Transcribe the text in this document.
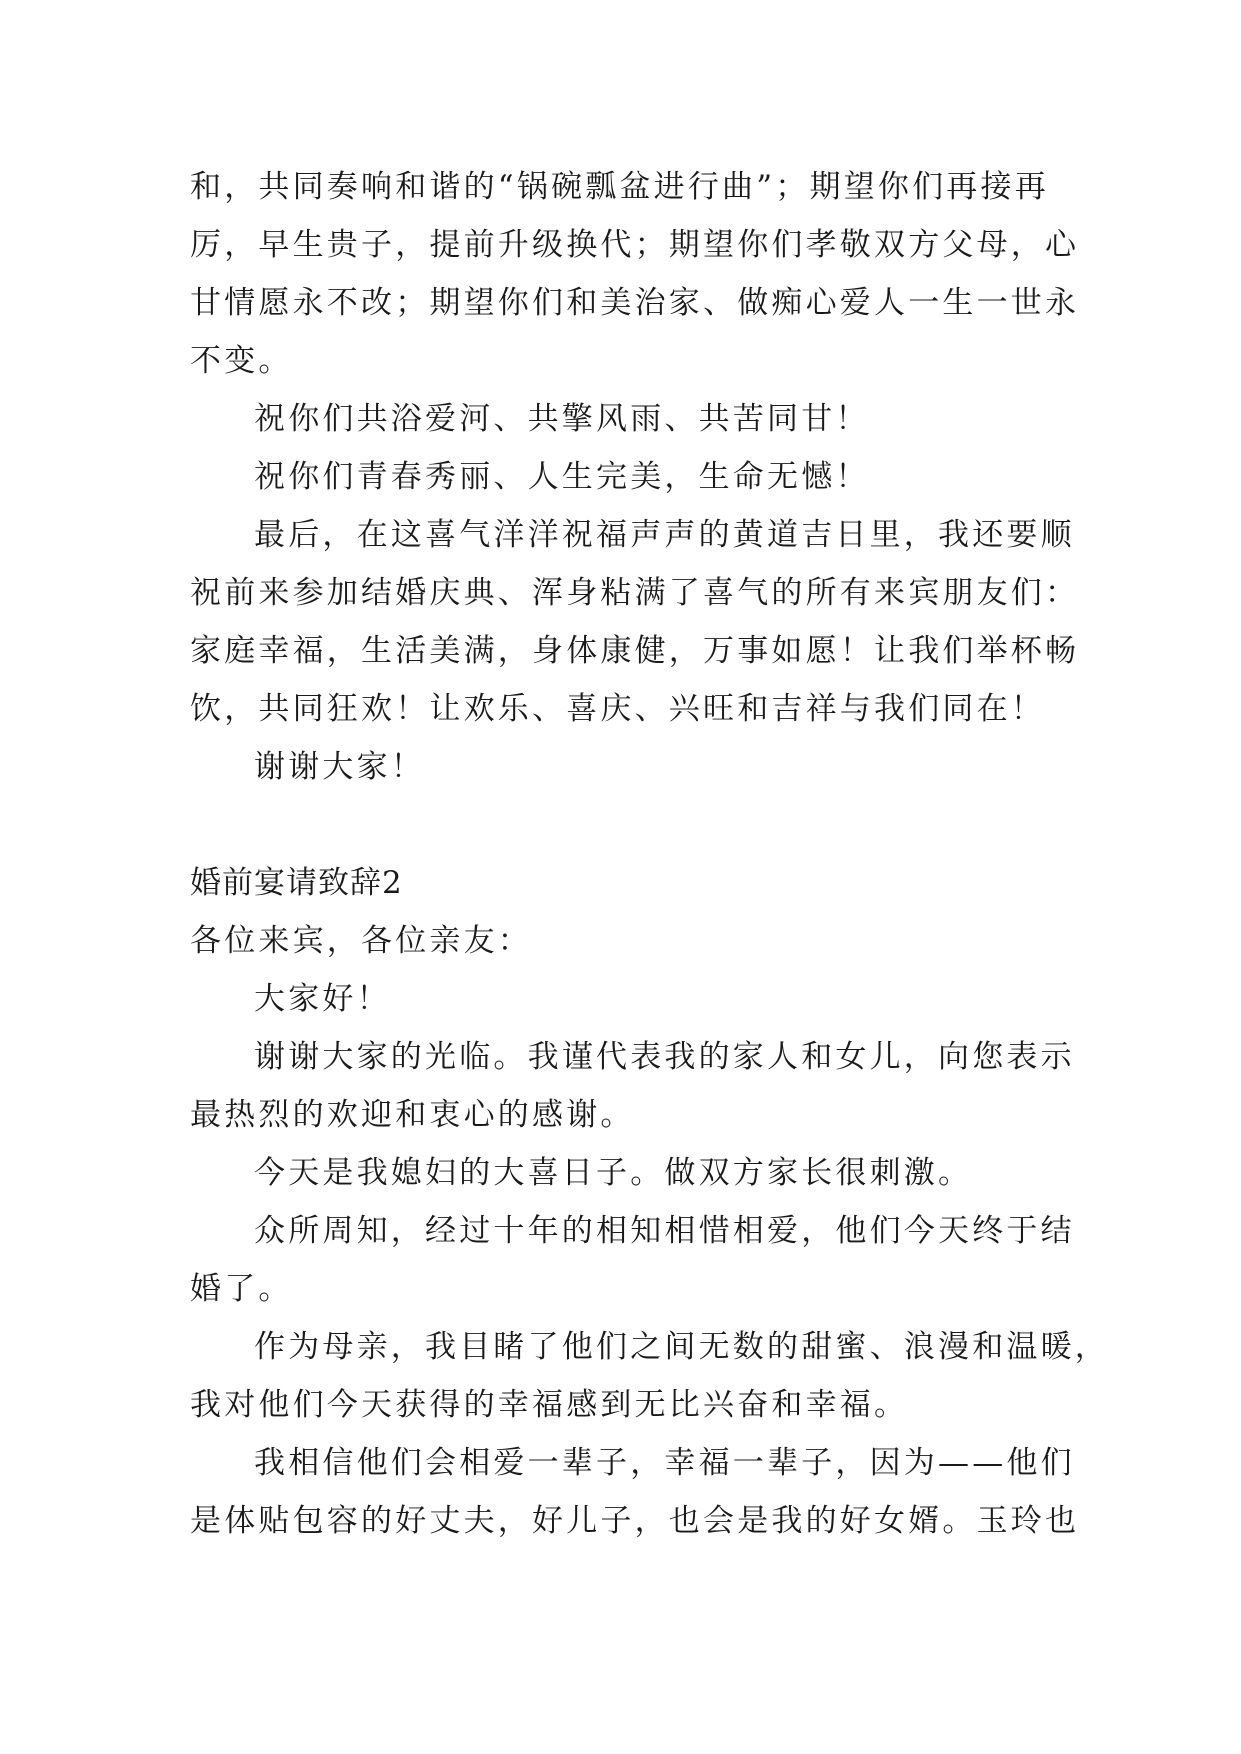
和，共同奏响和谐的“锅碗瓢盆进行曲”；期望你们再接再
厉，早生贵子，提前升级换代；期望你们孝敬双方父母，心
甘情愿永不改；期望你们和美治家、做痴心爱人一生一世永
不变。
祝你们共浴爱河、共擎风雨、共苦同甘！
祝你们青春秀丽、人生完美，生命无憾！
最后，在这喜气洋洋祝福声声的黄道吉日里，我还要顺
祝前来参加结婚庆典、浑身粘满了喜气的所有来宾朋友们：
家庭幸福，生活美满，身体康健，万事如愿！让我们举杯畅
饮，共同狂欢！让欢乐、喜庆、兴旺和吉祥与我们同在！
谢谢大家！
婚前宴请致辞2
各位来宾，各位亲友：
大家好！
谢谢大家的光临。我谨代表我的家人和女儿，向您表示
最热烈的欢迎和衷心的感谢。
今天是我媳妇的大喜日子。做双方家长很刺激。
众所周知，经过十年的相知相惜相爱，他们今天终于结
婚了。
作为母亲，我目睹了他们之间无数的甜蜜、浪漫和温暖，
我对他们今天获得的幸福感到无比兴奋和幸福。
我相信他们会相爱一辈子，幸福一辈子，因为——他们
是体贴包容的好丈夫，好儿子，也会是我的好女婿。玉玲也
